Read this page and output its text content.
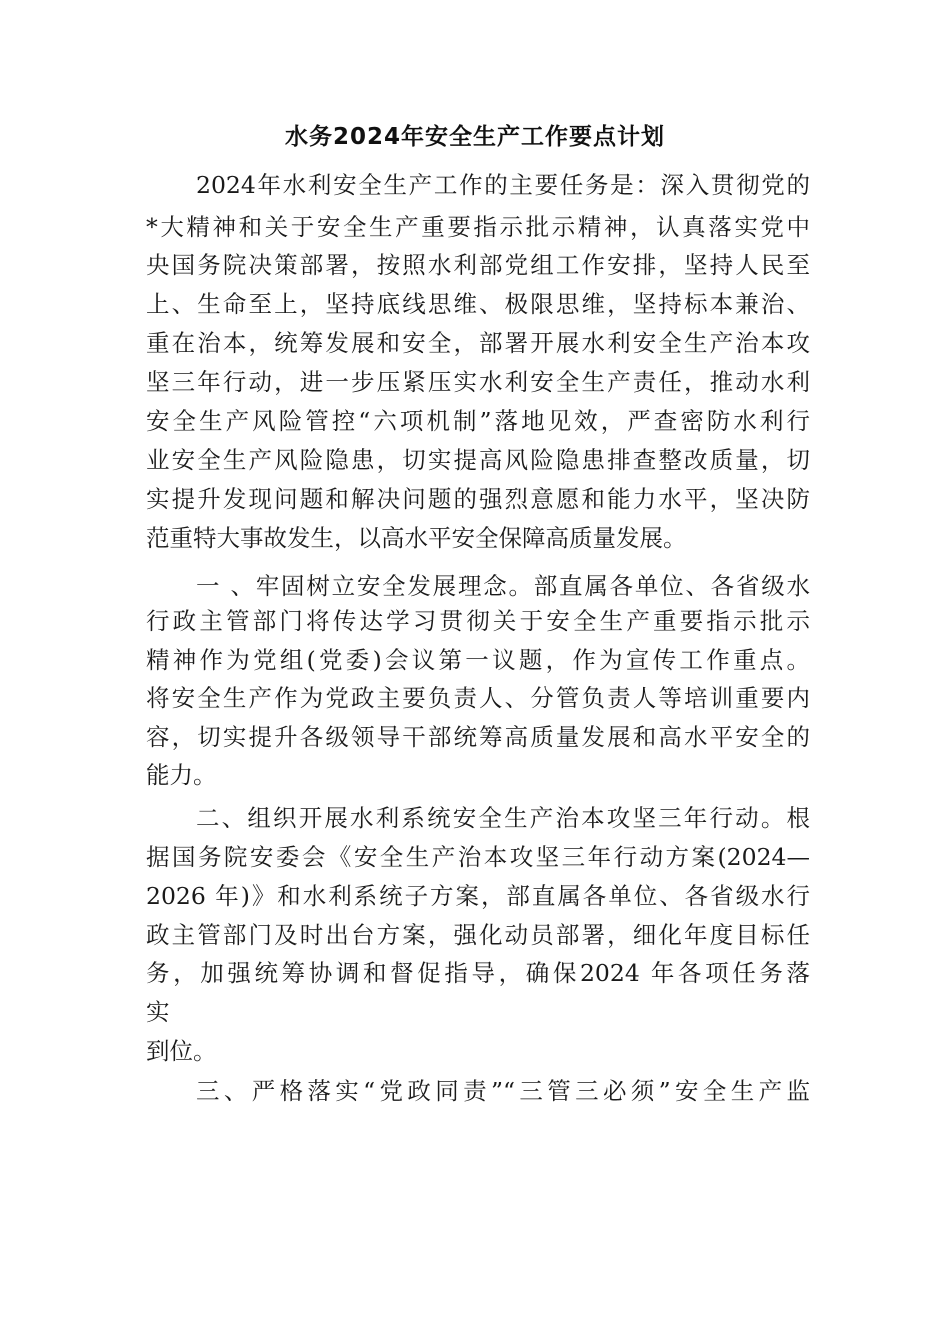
水务2024年安全生产工作要点计划
2024年水利安全生产工作的主要任务是：深入贯彻党的
*大精神和关于安全生产重要指示批示精神，认真落实党中
央国务院决策部署，按照水利部党组工作安排，坚持人民至
上、生命至上，坚持底线思维、极限思维，坚持标本兼治、
重在治本，统筹发展和安全，部署开展水利安全生产治本攻
坚三年行动，进一步压紧压实水利安全生产责任，推动水利
安全生产风险管控“六项机制”落地见效，严查密防水利行
业安全生产风险隐患，切实提高风险隐患排查整改质量，切
实提升发现问题和解决问题的强烈意愿和能力水平，坚决防
范重特大事故发生，以高水平安全保障高质量发展。
一 、牢固树立安全发展理念。部直属各单位、各省级水
行政主管部门将传达学习贯彻关于安全生产重要指示批示
精神作为党组(党委)会议第一议题，作为宣传工作重点。
将安全生产作为党政主要负责人、分管负责人等培训重要内
容，切实提升各级领导干部统筹高质量发展和高水平安全的
能力。
二、组织开展水利系统安全生产治本攻坚三年行动。根
据国务院安委会《安全生产治本攻坚三年行动方案(2024—
2026 年)》和水利系统子方案，部直属各单位、各省级水行
政主管部门及时出台方案，强化动员部署，细化年度目标任
务，加强统筹协调和督促指导，确保2024 年各项任务落
实
到位。
三、严格落实“党政同责”“三管三必须”安全生产监
